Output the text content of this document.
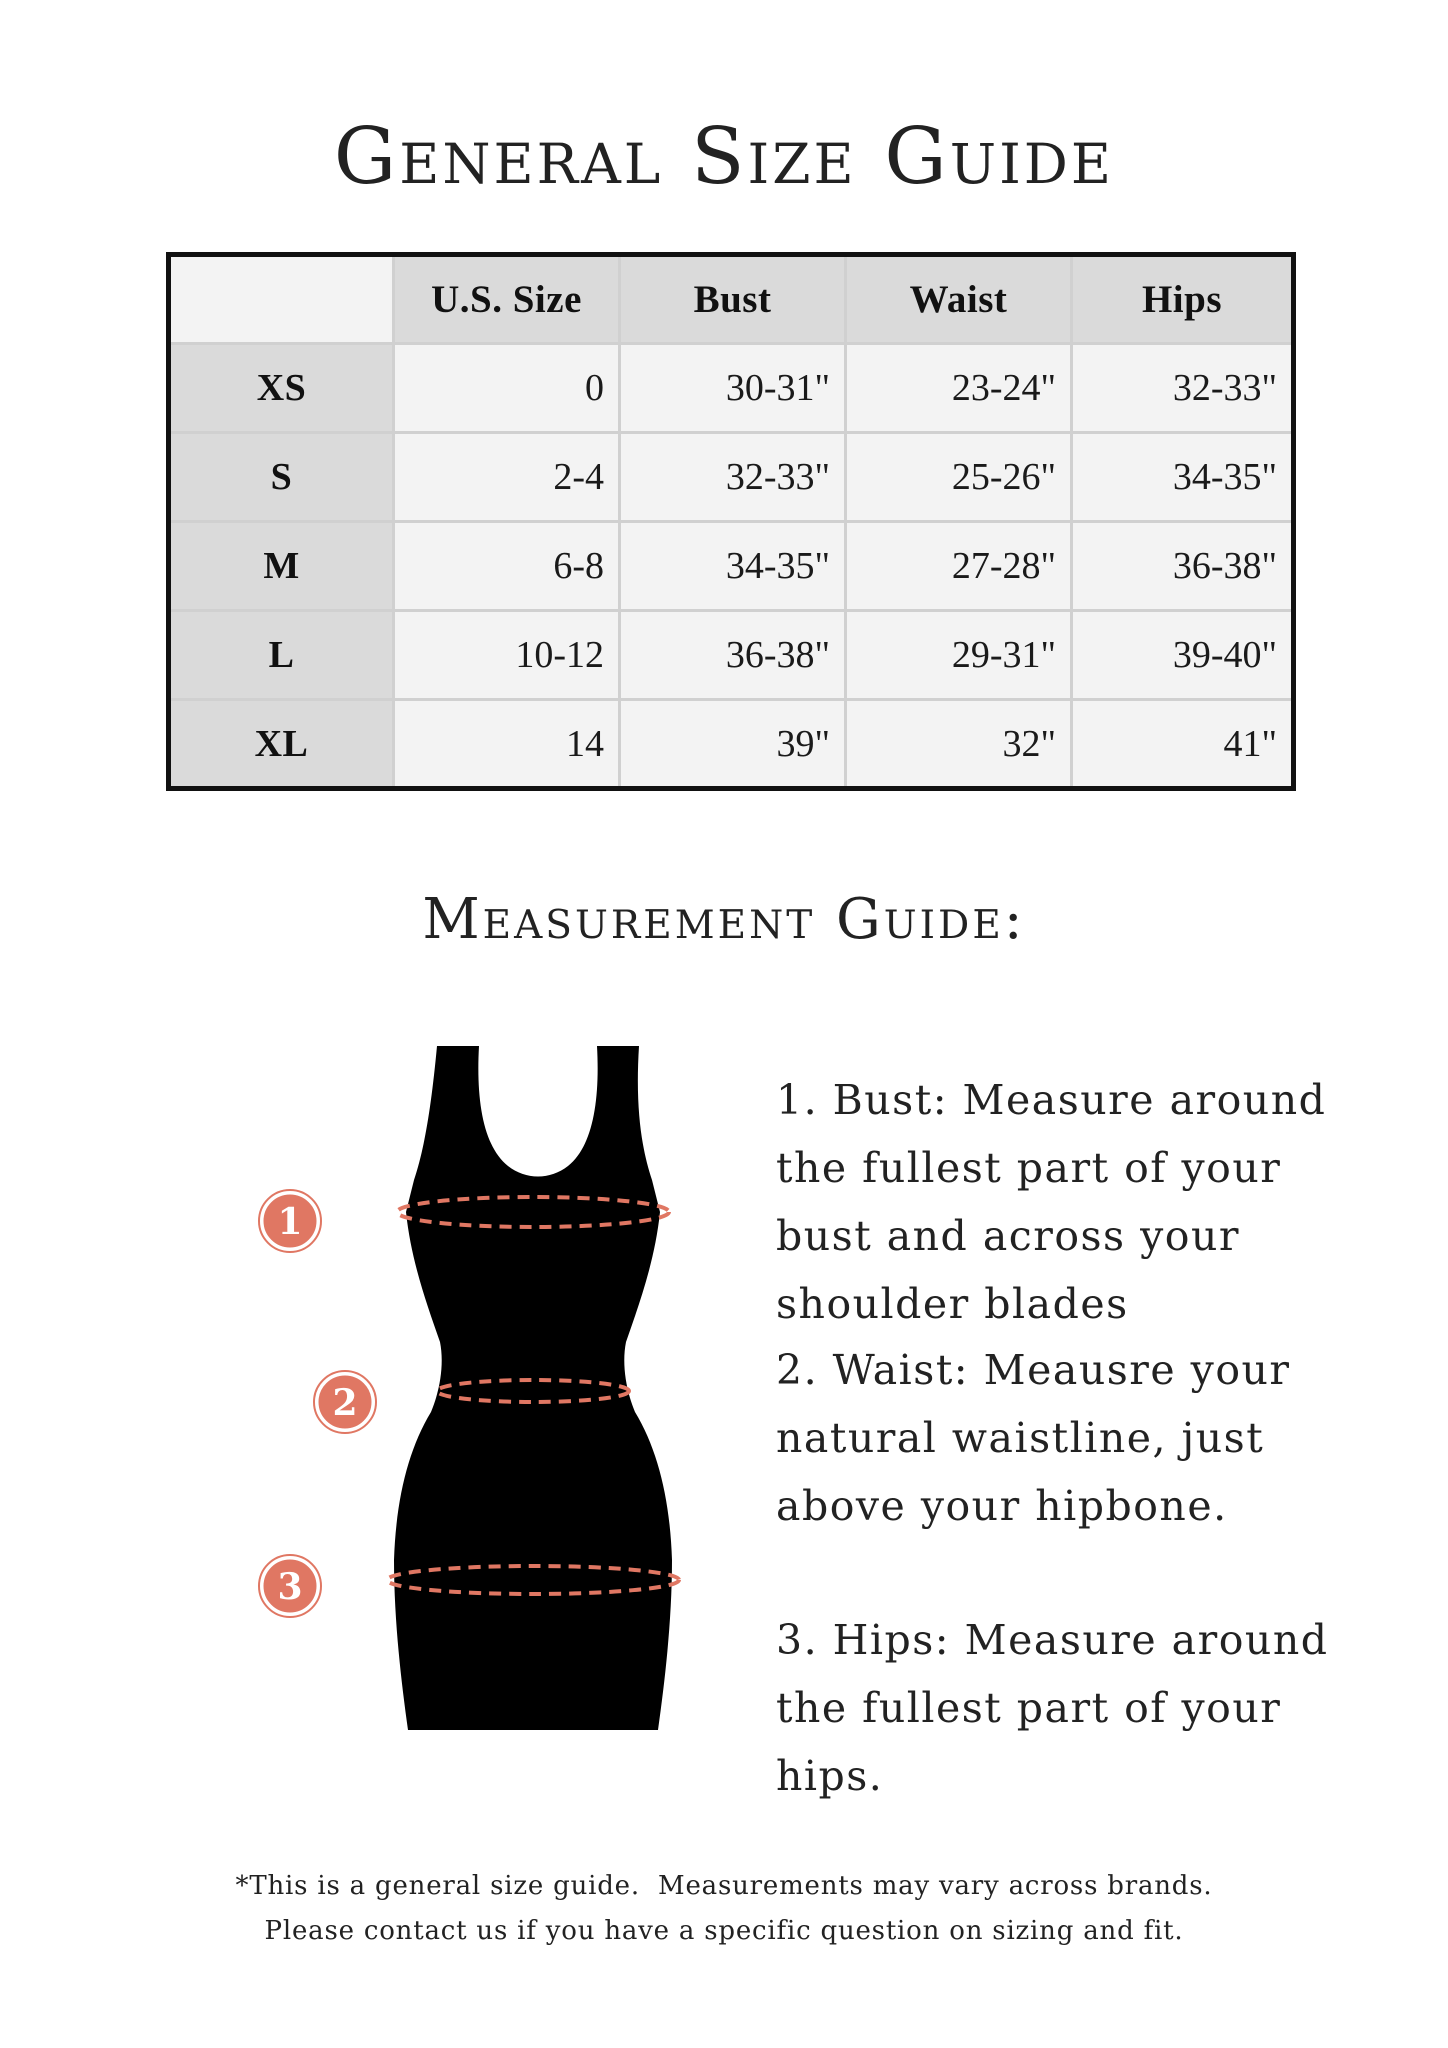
General Size Guide
	U.S. Size	Bust	Waist	Hips
XS	0	30-31"	23-24"	32-33"
S	2-4	32-33"	25-26"	34-35"
M	6-8	34-35"	27-28"	36-38"
L	10-12	36-38"	29-31"	39-40"
XL	14	39"	32"	41"
Measurement Guide:
1
2
3

1. Bust: Measure around the fullest part of your bust and across your shoulder blades

2. Waist: Meausre your natural waistline, just above your hipbone.

3. Hips: Measure around the fullest part of your hips.

*This is a general size guide.  Measurements may vary across brands.
Please contact us if you have a specific question on sizing and fit.
